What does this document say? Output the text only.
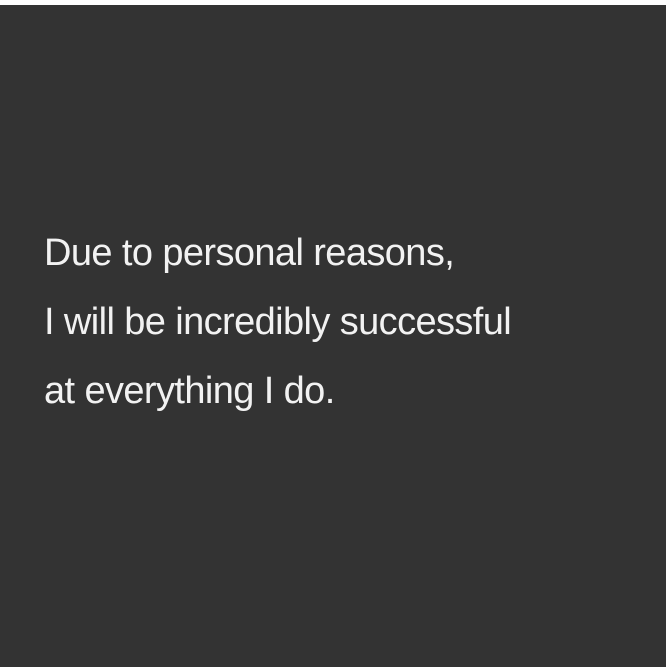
Due to personal reasons,
I will be incredibly successful
at everything I do.
